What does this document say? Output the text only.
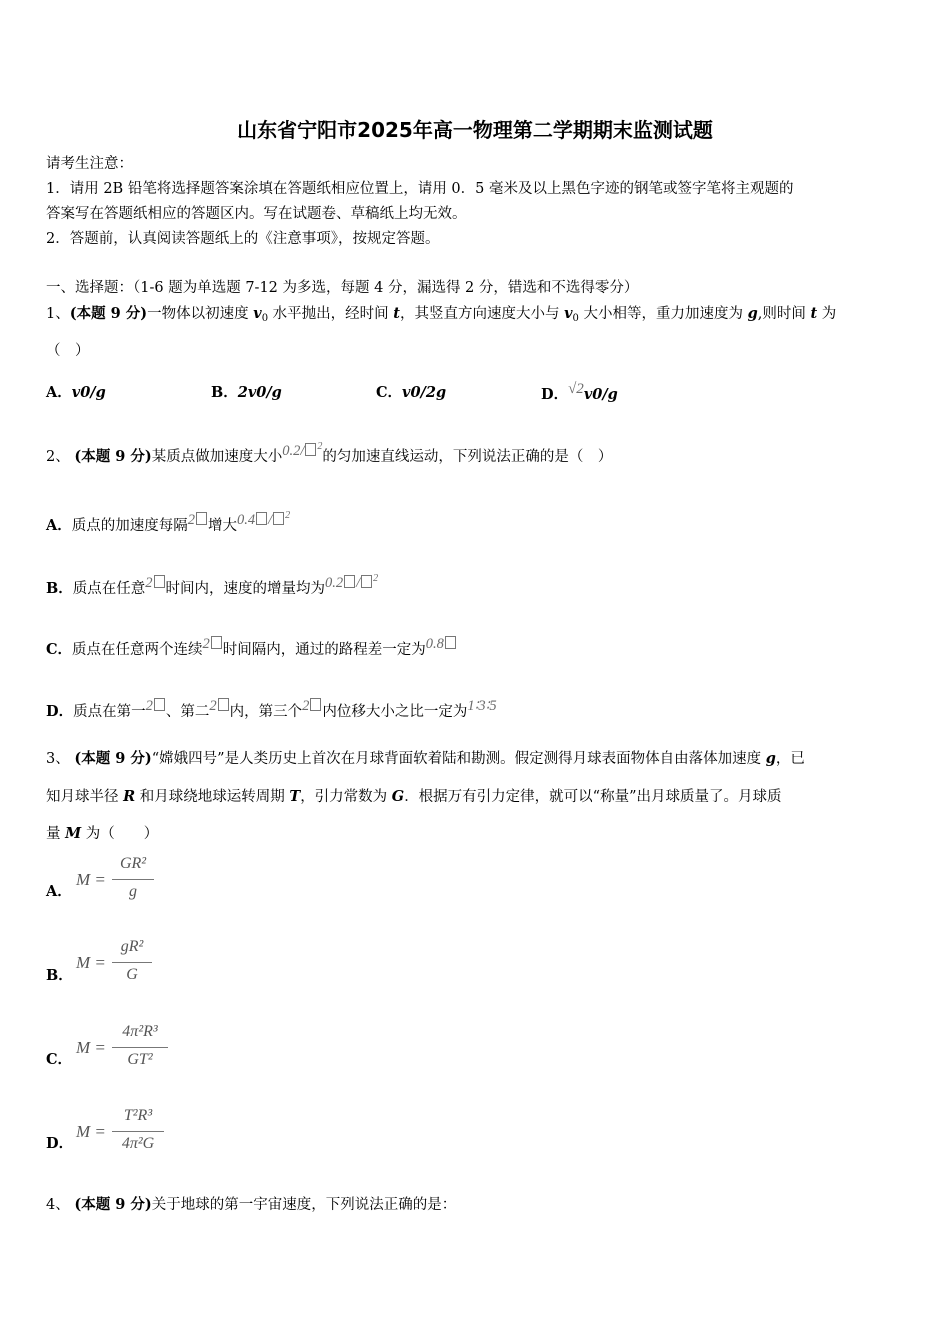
山东省宁阳市2025年高一物理第二学期期末监测试题
请考生注意：
1．请用 2B 铅笔将选择题答案涂填在答题纸相应位置上，请用 0．5 毫米及以上黑色字迹的钢笔或签字笔将主观题的
答案写在答题纸相应的答题区内。写在试题卷、草稿纸上均无效。
2．答题前，认真阅读答题纸上的《注意事项》，按规定答题。
一、选择题：（1-6 题为单选题 7-12 为多选，每题 4 分，漏选得 2 分，错选和不选得零分）
1、(本题 9 分)一物体以初速度 $v_0$ 水平抛出，经时间 t，其竖直方向速度大小与 $v_0$ 大小相等，重力加速度为 g,则时间 t 为
（　）
A．v0/g	B．2v0/g	C．v0/2g	D．√2v0/g
2、 (本题 9 分)某质点做加速度大小0.2/ $^2$的匀加速直线运动，下列说法正确的是（　）
A．质点的加速度每隔2 增大0.4 / $^2$
B．质点在任意2 时间内，速度的增量均为0.2 / $^2$
C．质点在任意两个连续2 时间隔内，通过的路程差一定为0.8
D．质点在第一2 、第二2 内，第三个2 内位移大小之比一定为1∶3∶5
3、 (本题 9 分)“嫦娥四号”是人类历史上首次在月球背面软着陆和勘测。假定测得月球表面物体自由落体加速度 g，已
知月球半径 R 和月球绕地球运转周期 T，引力常数为 G．根据万有引力定律，就可以“称量”出月球质量了。月球质
量 M 为（　　）
A．
M =
GR²
g
B．
M =
gR²
G
C．
M =
4π²R³
GT²
D．
M =
T²R³
4π²G
4、 (本题 9 分)关于地球的第一宇宙速度，下列说法正确的是：
